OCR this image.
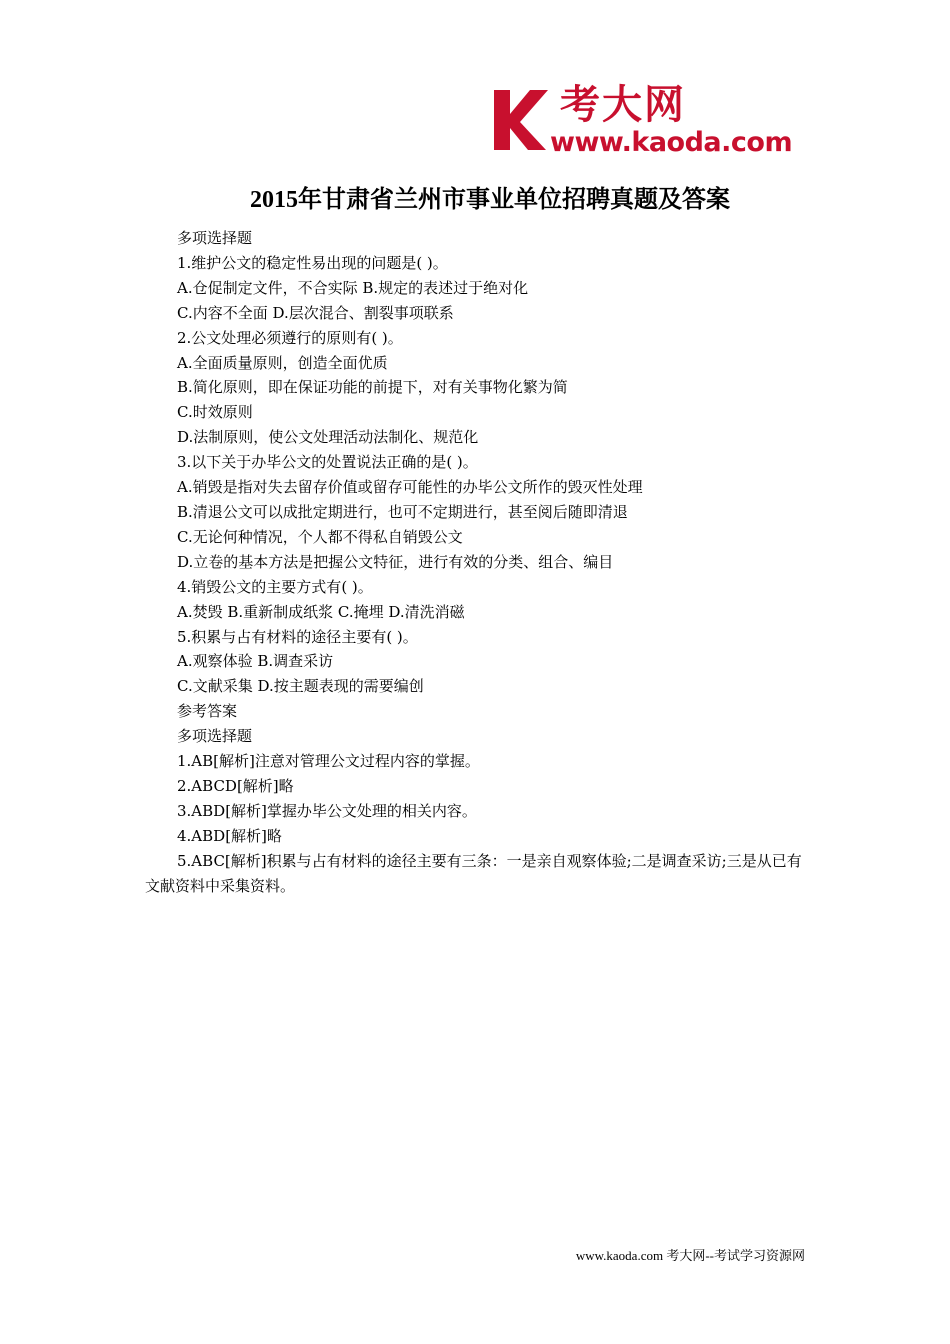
考大网
www.kaoda.com
2015年甘肃省兰州市事业单位招聘真题及答案

多项选择题

1.维护公文的稳定性易出现的问题是( )。

A.仓促制定文件，不合实际 B.规定的表述过于绝对化

C.内容不全面 D.层次混合、割裂事项联系

2.公文处理必须遵行的原则有( )。

A.全面质量原则，创造全面优质

B.简化原则，即在保证功能的前提下，对有关事物化繁为简

C.时效原则

D.法制原则，使公文处理活动法制化、规范化

3.以下关于办毕公文的处置说法正确的是( )。

A.销毁是指对失去留存价值或留存可能性的办毕公文所作的毁灭性处理

B.清退公文可以成批定期进行，也可不定期进行，甚至阅后随即清退

C.无论何种情况，个人都不得私自销毁公文

D.立卷的基本方法是把握公文特征，进行有效的分类、组合、编目

4.销毁公文的主要方式有( )。

A.焚毁 B.重新制成纸浆 C.掩埋 D.清洗消磁

5.积累与占有材料的途径主要有( )。

A.观察体验 B.调查采访

C.文献采集 D.按主题表现的需要编创

参考答案

多项选择题

1.AB[解析]注意对管理公文过程内容的掌握。

2.ABCD[解析]略

3.ABD[解析]掌握办毕公文处理的相关内容。

4.ABD[解析]略

5.ABC[解析]积累与占有材料的途径主要有三条：一是亲自观察体验;二是调查采访;三是从已有文献资料中采集资料。

www.kaoda.com 考大网--考试学习资源网
